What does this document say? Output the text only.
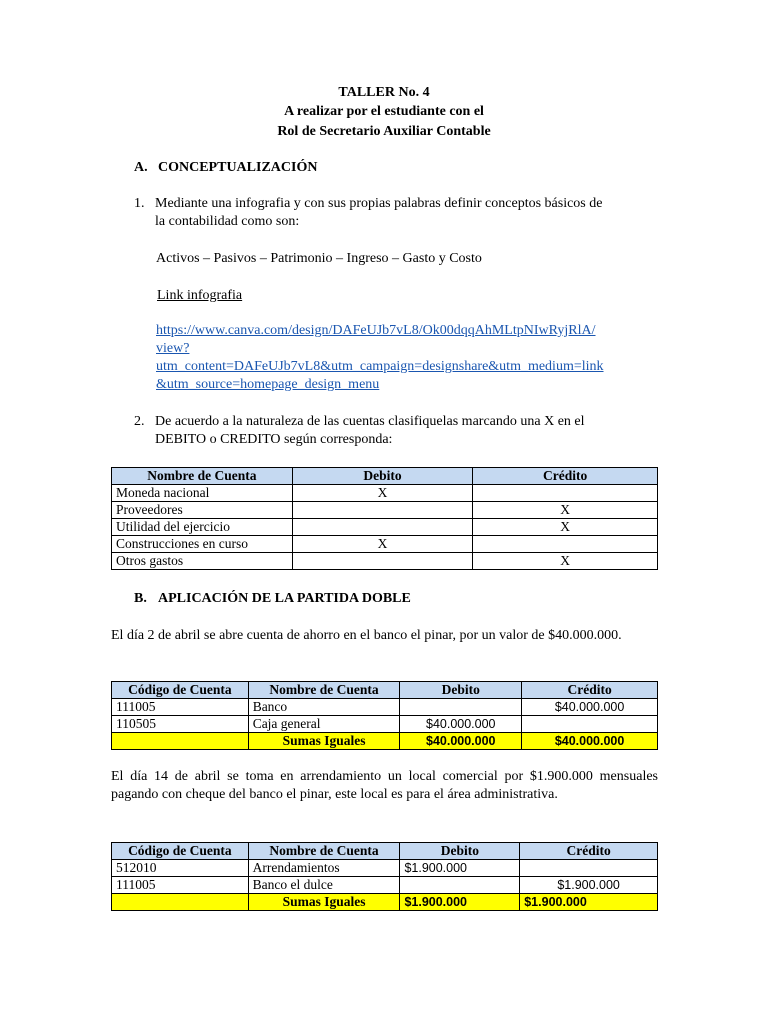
TALLER No. 4
A realizar por el estudiante con el
Rol de Secretario Auxiliar Contable
A. CONCEPTUALIZACIÓN
1. Mediante una infografia y con sus propias palabras definir conceptos básicos de
la contabilidad como son:
Activos – Pasivos – Patrimonio – Ingreso – Gasto y Costo
Link infografia
https://www.canva.com/design/DAFeUJb7vL8/Ok00dqqAhMLtpNIwRyjRlA/
view?
utm_content=DAFeUJb7vL8&utm_campaign=designshare&utm_medium=link
&utm_source=homepage_design_menu
2. De acuerdo a la naturaleza de las cuentas clasifiquelas marcando una X en el
DEBITO o CREDITO según corresponda:
Nombre de Cuenta	Debito	Crédito
Moneda nacional	X	
Proveedores		X
Utilidad del ejercicio		X
Construcciones en curso	X	
Otros gastos		X
B. APLICACIÓN DE LA PARTIDA DOBLE
El día 2 de abril se abre cuenta de ahorro en el banco el pinar, por un valor de $40.000.000.
Código de Cuenta	Nombre de Cuenta	Debito	Crédito
111005	Banco		$40.000.000
110505	Caja general	$40.000.000	
	Sumas Iguales	$40.000.000	$40.000.000
El día 14 de abril se toma en arrendamiento un local comercial por $1.900.000 mensuales pagando con cheque del banco el pinar, este local es para el área administrativa.
Código de Cuenta	Nombre de Cuenta	Debito	Crédito
512010	Arrendamientos	$1.900.000	
111005	Banco el dulce		$1.900.000
	Sumas Iguales	$1.900.000	$1.900.000
